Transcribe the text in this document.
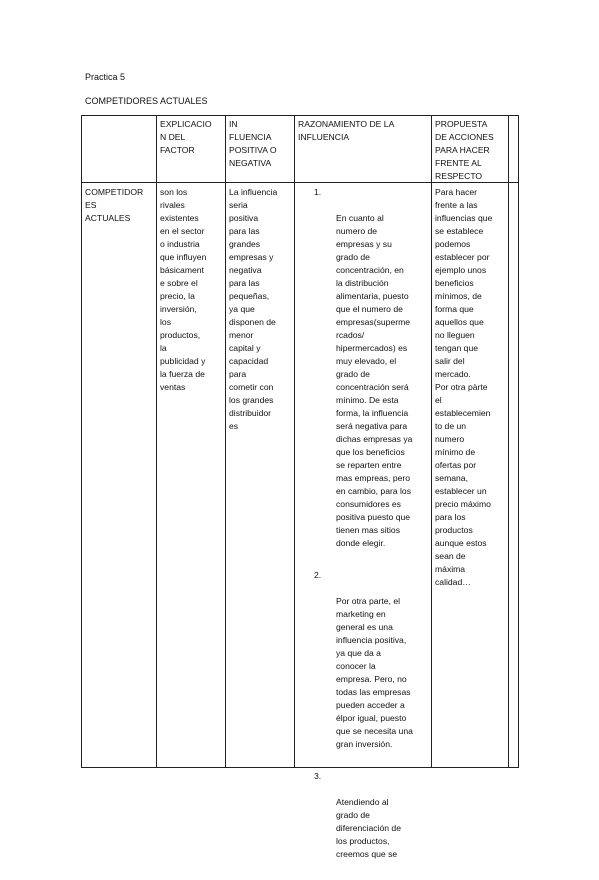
Practica 5
COMPETIDORES ACTUALES
EXPLICACIO
N DEL
FACTOR
IN
FLUENCIA
POSITIVA O
NEGATIVA
RAZONAMIENTO DE LA
INFLUENCIA
PROPUESTA
DE ACCIONES
PARA HACER
FRENTE AL
RESPECTO
COMPETIDOR
ES
ACTUALES
son los
rivales
existentes
en el sector
o industria
que influyen
básicament
e sobre el
precio, la
inversión,
los
productos,
la
publicidad y
la fuerza de
ventas
La influencia
seria
positiva
para las
grandes
empresas y
negativa
para las
pequeñas,
ya que
disponen de
menor
capital y
capacidad
para
cometir con
los grandes
distribuidor
es

1.

En cuanto al
numero de
empresas y su
grado de
concentración, en
la distribución
alimentaria, puesto
que el numero de
empresas(superme
rcados/
hipermercados) es
muy elevado, el
grado de
concentración será
mínimo. De esta
forma, la influencia
será negativa para
dichas empresas ya
que los beneficios
se reparten entre
mas empreas, pero
en cambio, para los
consumidores es
positiva puesto que
tienen mas sitios
donde elegir.

2.

Por otra parte, el
marketing en
general es una
influencia positiva,
ya que da a
conocer la
empresa. Pero, no
todas las empresas
pueden acceder a
élpor igual, puesto
que se necesita una
gran inversión.

3.

Atendiendo al
grado de
diferenciación de
los productos,
creemos que se

Para hacer
frente a las
influencias que
se establece
podemos
establecer por
ejemplo unos
beneficios
mínimos, de
forma que
aquellos que
no lleguen
tengan que
salir del
mercado.
Por otra pàrte
el
establecemien
to de un
numero
mínimo de
ofertas por
semana,
establecer un
precio máximo
para los
productos
aunque estos
sean de
máxima
calidad…
